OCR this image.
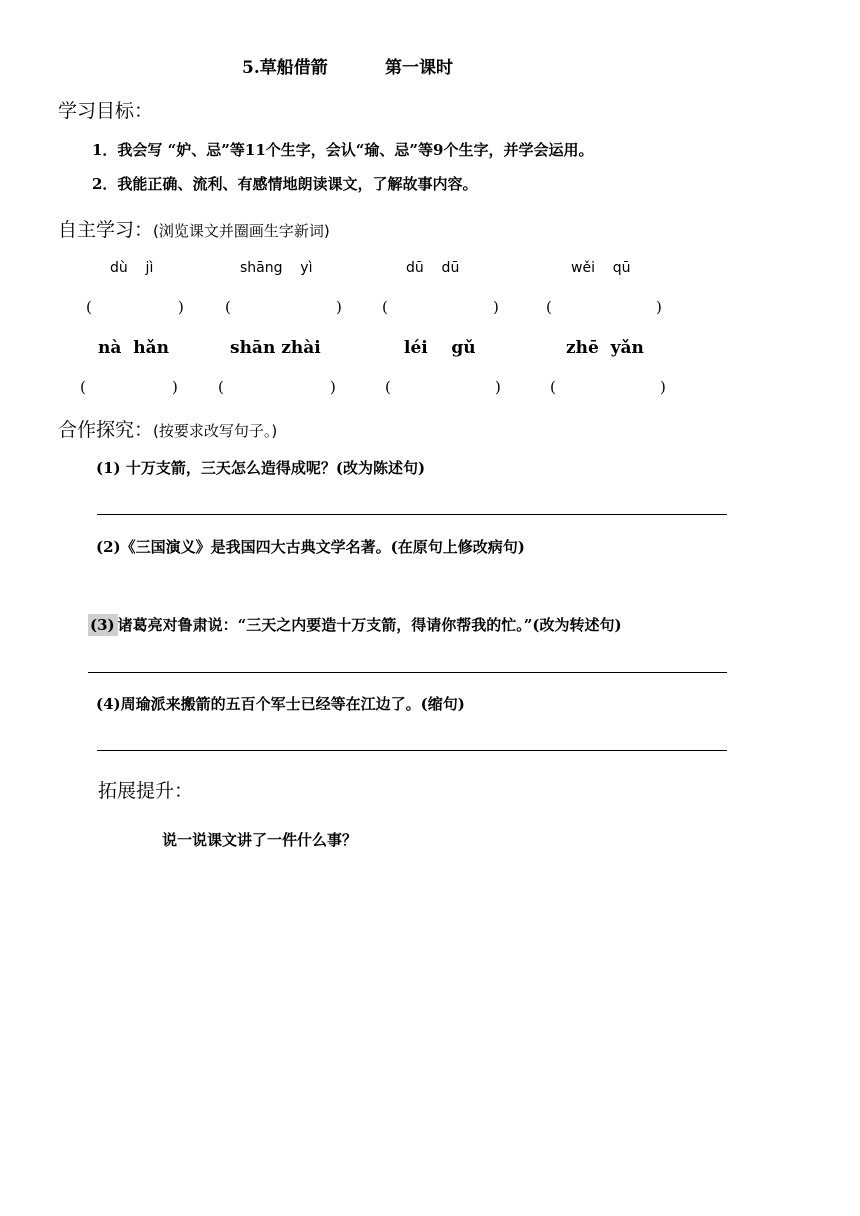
5.草船借箭	第一课时
学习目标：
1．我会写 “妒、忌”等11个生字，会认“瑜、忌”等9个生字，并学会运用。
2．我能正确、流利、有感情地朗读课文，了解故事内容。
自主学习：(浏览课文并圈画生字新词)
dù    jì	shāng    yì	dū    dū	wěi    qū
(	)	(	)	(	)	(	)
nà  hǎn	shān zhài	léi    gǔ	zhē  yǎn
(	)	(	)	(	)	(	)
合作探究：(按要求改写句子。)
(1) 十万支箭，三天怎么造得成呢？(改为陈述句)
(2)《三国演义》是我国四大古典文学名著。(在原句上修改病句)
(3) 诸葛亮对鲁肃说：“三天之内要造十万支箭，得请你帮我的忙。”(改为转述句)
(4)周瑜派来搬箭的五百个军士已经等在江边了。(缩句)
拓展提升：
说一说课文讲了一件什么事？
